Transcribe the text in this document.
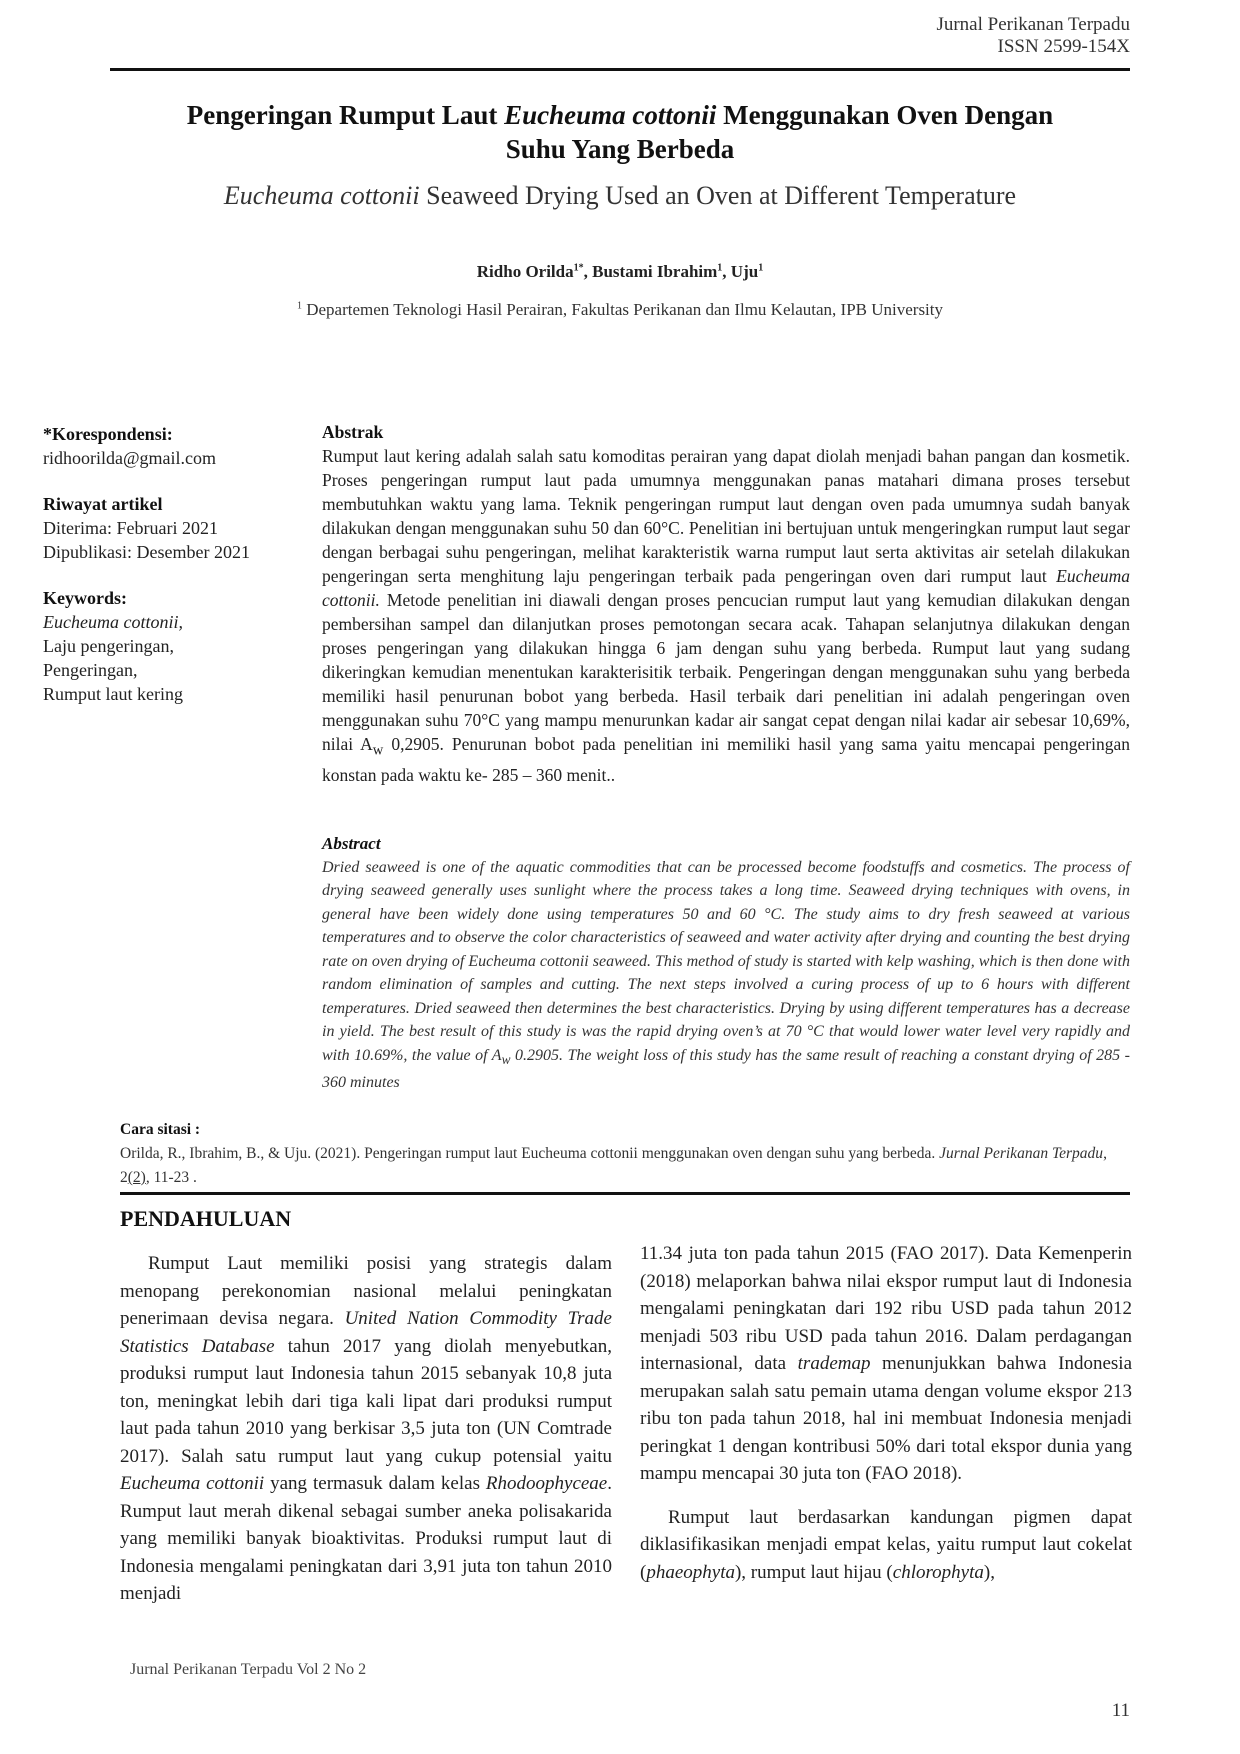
Jurnal Perikanan Terpadu
ISSN 2599-154X
Pengeringan Rumput Laut Eucheuma cottonii Menggunakan Oven Dengan
Suhu Yang Berbeda
Eucheuma cottonii Seaweed Drying Used an Oven at Different Temperature
Ridho Orilda$^{1*}$, Bustami Ibrahim$^1$, Uju$^1$
$^1$ Departemen Teknologi Hasil Perairan, Fakultas Perikanan dan Ilmu Kelautan, IPB University
*Korespondensi:
ridhoorilda@gmail.com
Riwayat artikel
Diterima: Februari 2021
Dipublikasi: Desember 2021
Keywords:
Eucheuma cottonii,
Laju pengeringan,
Pengeringan,
Rumput laut kering
Abstrak
Rumput laut kering adalah salah satu komoditas perairan yang dapat diolah menjadi bahan pangan dan kosmetik. Proses pengeringan rumput laut pada umumnya menggunakan panas matahari dimana proses tersebut membutuhkan waktu yang lama. Teknik pengeringan rumput laut dengan oven pada umumnya sudah banyak dilakukan dengan menggunakan suhu 50 dan 60°C. Penelitian ini bertujuan untuk mengeringkan rumput laut segar dengan berbagai suhu pengeringan, melihat karakteristik warna rumput laut serta aktivitas air setelah dilakukan pengeringan serta menghitung laju pengeringan terbaik pada pengeringan oven dari rumput laut Eucheuma cottonii. Metode penelitian ini diawali dengan proses pencucian rumput laut yang kemudian dilakukan dengan pembersihan sampel dan dilanjutkan proses pemotongan secara acak. Tahapan selanjutnya dilakukan dengan proses pengeringan yang dilakukan hingga 6 jam dengan suhu yang berbeda. Rumput laut yang sudang dikeringkan kemudian menentukan karakterisitik terbaik. Pengeringan dengan menggunakan suhu yang berbeda memiliki hasil penurunan bobot yang berbeda. Hasil terbaik dari penelitian ini adalah pengeringan oven menggunakan suhu 70°C yang mampu menurunkan kadar air sangat cepat dengan nilai kadar air sebesar 10,69%, nilai $A_w$ 0,2905. Penurunan bobot pada penelitian ini memiliki hasil yang sama yaitu mencapai pengeringan konstan pada waktu ke- 285 – 360 menit..
Abstract
Dried seaweed is one of the aquatic commodities that can be processed become foodstuffs and cosmetics. The process of drying seaweed generally uses sunlight where the process takes a long time. Seaweed drying techniques with ovens, in general have been widely done using temperatures 50 and 60 °C. The study aims to dry fresh seaweed at various temperatures and to observe the color characteristics of seaweed and water activity after drying and counting the best drying rate on oven drying of Eucheuma cottonii seaweed. This method of study is started with kelp washing, which is then done with random elimination of samples and cutting. The next steps involved a curing process of up to 6 hours with different temperatures. Dried seaweed then determines the best characteristics. Drying by using different temperatures has a decrease in yield. The best result of this study is was the rapid drying oven’s at 70 °C that would lower water level very rapidly and with 10.69%, the value of $A_w$ 0.2905. The weight loss of this study has the same result of reaching a constant drying of 285 - 360 minutes
Cara sitasi :
Orilda, R., Ibrahim, B., & Uju. (2021). Pengeringan rumput laut Eucheuma cottonii menggunakan oven dengan suhu yang berbeda. Jurnal Perikanan Terpadu, 2(2), 11-23 .
PENDAHULUAN

Rumput Laut memiliki posisi yang strategis dalam menopang perekonomian nasional melalui peningkatan penerimaan devisa negara. United Nation Commodity Trade Statistics Database tahun 2017 yang diolah menyebutkan, produksi rumput laut Indonesia tahun 2015 sebanyak 10,8 juta ton, meningkat lebih dari tiga kali lipat dari produksi rumput laut pada tahun 2010 yang berkisar 3,5 juta ton (UN Comtrade 2017). Salah satu rumput laut yang cukup potensial yaitu Eucheuma cottonii yang termasuk dalam kelas Rhodoophyceae. Rumput laut merah dikenal sebagai sumber aneka polisakarida yang memiliki banyak bioaktivitas. Produksi rumput laut di Indonesia mengalami peningkatan dari 3,91 juta ton tahun 2010 menjadi

11.34 juta ton pada tahun 2015 (FAO 2017). Data Kemenperin (2018) melaporkan bahwa nilai ekspor rumput laut di Indonesia mengalami peningkatan dari 192 ribu USD pada tahun 2012 menjadi 503 ribu USD pada tahun 2016. Dalam perdagangan internasional, data trademap menunjukkan bahwa Indonesia merupakan salah satu pemain utama dengan volume ekspor 213 ribu ton pada tahun 2018, hal ini membuat Indonesia menjadi peringkat 1 dengan kontribusi 50% dari total ekspor dunia yang mampu mencapai 30 juta ton (FAO 2018).

Rumput laut berdasarkan kandungan pigmen dapat diklasifikasikan menjadi empat kelas, yaitu rumput laut cokelat (phaeophyta), rumput laut hijau (chlorophyta),

Jurnal Perikanan Terpadu Vol 2 No 2
11
